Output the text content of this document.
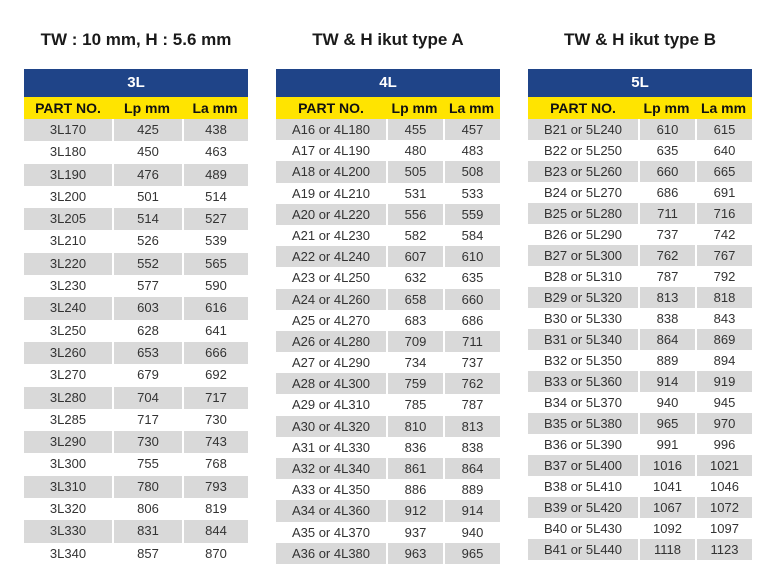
TW : 10 mm, H : 5.6 mm	TW & H ikut type A	TW & H ikut type B
3L
PART NO.	Lp mm	La mm
3L170	425	438
3L180	450	463
3L190	476	489
3L200	501	514
3L205	514	527
3L210	526	539
3L220	552	565
3L230	577	590
3L240	603	616
3L250	628	641
3L260	653	666
3L270	679	692
3L280	704	717
3L285	717	730
3L290	730	743
3L300	755	768
3L310	780	793
3L320	806	819
3L330	831	844
3L340	857	870
4L
PART NO.	Lp mm La mm
A16 or 4L180	455	457
A17 or 4L190	480	483
A18 or 4L200	505	508
A19 or 4L210	531	533
A20 or 4L220	556	559
A21 or 4L230	582	584
A22 or 4L240	607	610
A23 or 4L250	632	635
A24 or 4L260	658	660
A25 or 4L270	683	686
A26 or 4L280	709	711
A27 or 4L290	734	737
A28 or 4L300	759	762
A29 or 4L310	785	787
A30 or 4L320	810	813
A31 or 4L330	836	838
A32 or 4L340	861	864
A33 or 4L350	886	889
A34 or 4L360	912	914
A35 or 4L370	937	940
A36 or 4L380	963	965
5L
PART NO.	Lp mm La mm
B21 or 5L240	610	615
B22 or 5L250	635	640
B23 or 5L260	660	665
B24 or 5L270	686	691
B25 or 5L280	711	716
B26 or 5L290	737	742
B27 or 5L300	762	767
B28 or 5L310	787	792
B29 or 5L320	813	818
B30 or 5L330	838	843
B31 or 5L340	864	869
B32 or 5L350	889	894
B33 or 5L360	914	919
B34 or 5L370	940	945
B35 or 5L380	965	970
B36 or 5L390	991	996
B37 or 5L400	1016	1021
B38 or 5L410	1041	1046
B39 or 5L420	1067	1072
B40 or 5L430	1092	1097
B41 or 5L440	1118	1123
